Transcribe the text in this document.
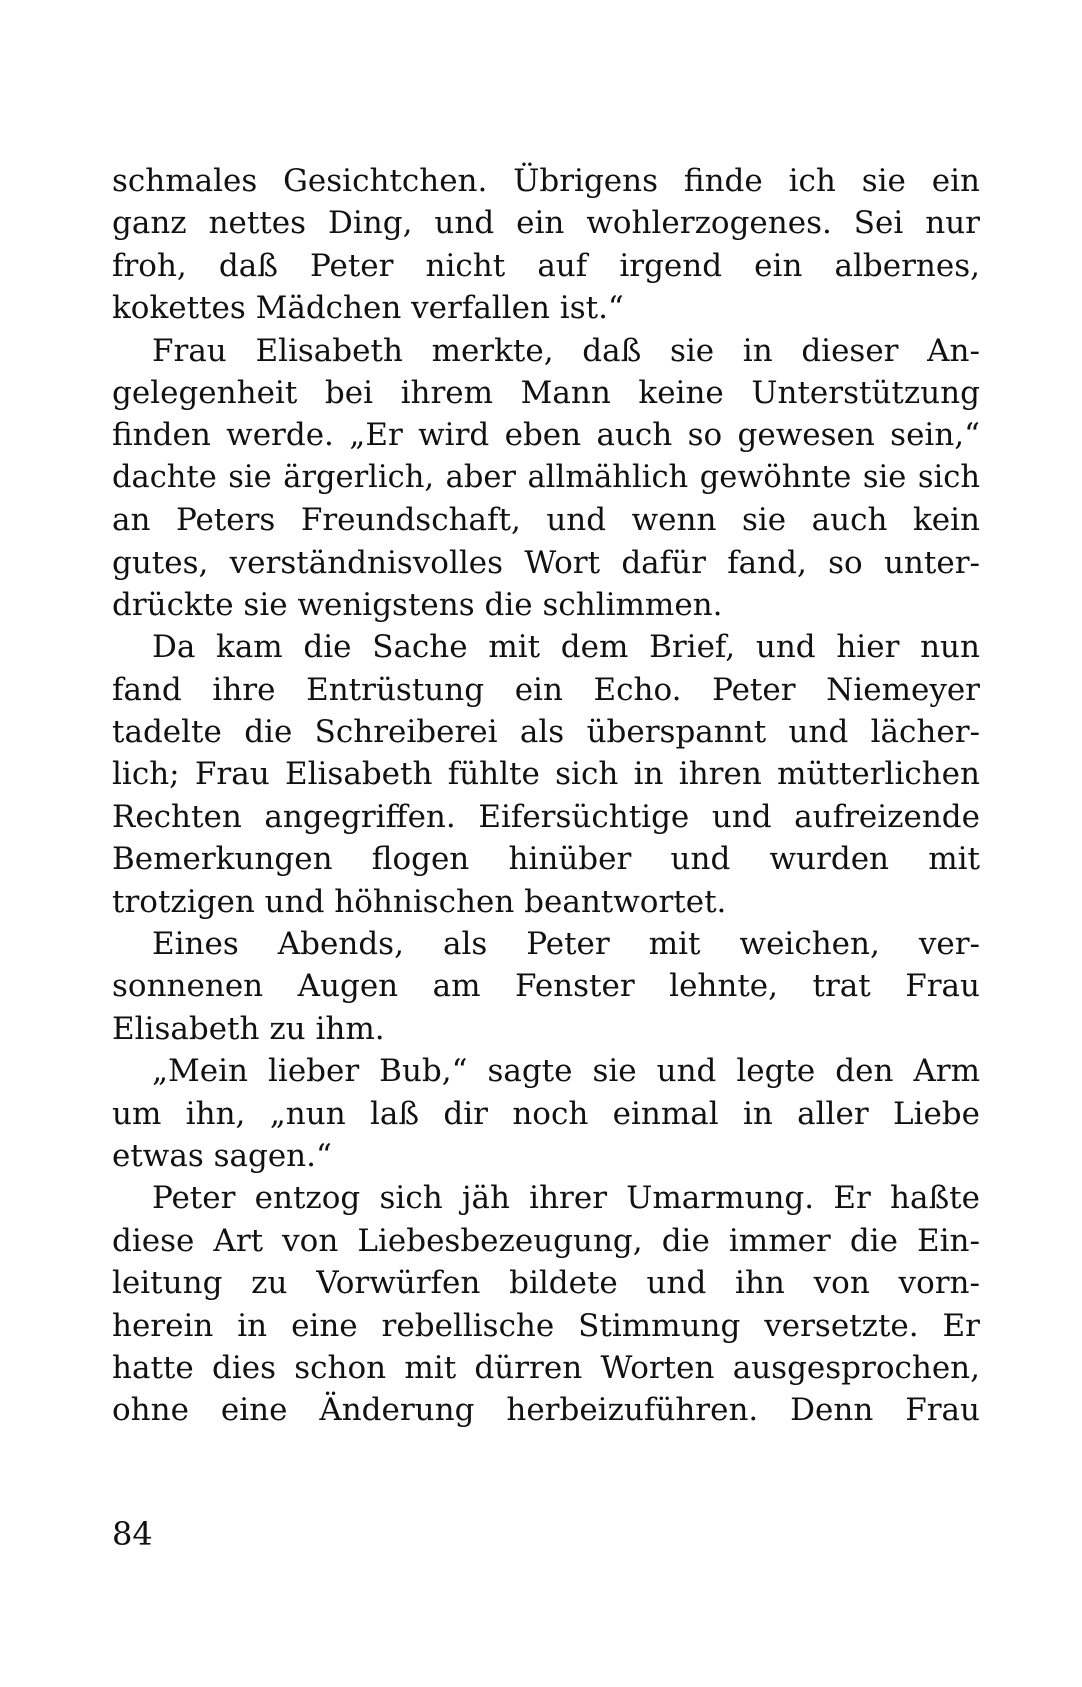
schmales Gesichtchen. Übrigens finde ich sie ein
ganz nettes Ding, und ein wohlerzogenes. Sei nur
froh, daß Peter nicht auf irgend ein albernes,
kokettes Mädchen verfallen ist.“
Frau Elisabeth merkte, daß sie in dieser An-
gelegenheit bei ihrem Mann keine Unterstützung
finden werde. „Er wird eben auch so gewesen sein,“
dachte sie ärgerlich, aber allmählich gewöhnte sie sich
an Peters Freundschaft, und wenn sie auch kein
gutes, verständnisvolles Wort dafür fand, so unter-
drückte sie wenigstens die schlimmen.
Da kam die Sache mit dem Brief, und hier nun
fand ihre Entrüstung ein Echo. Peter Niemeyer
tadelte die Schreiberei als überspannt und lächer-
lich; Frau Elisabeth fühlte sich in ihren mütterlichen
Rechten angegriffen. Eifersüchtige und aufreizende
Bemerkungen flogen hinüber und wurden mit
trotzigen und höhnischen beantwortet.
Eines Abends, als Peter mit weichen, ver-
sonnenen Augen am Fenster lehnte, trat Frau
Elisabeth zu ihm.
„Mein lieber Bub,“ sagte sie und legte den Arm
um ihn, „nun laß dir noch einmal in aller Liebe
etwas sagen.“
Peter entzog sich jäh ihrer Umarmung. Er haßte
diese Art von Liebesbezeugung, die immer die Ein-
leitung zu Vorwürfen bildete und ihn von vorn-
herein in eine rebellische Stimmung versetzte. Er
hatte dies schon mit dürren Worten ausgesprochen,
ohne eine Änderung herbeizuführen. Denn Frau
84
